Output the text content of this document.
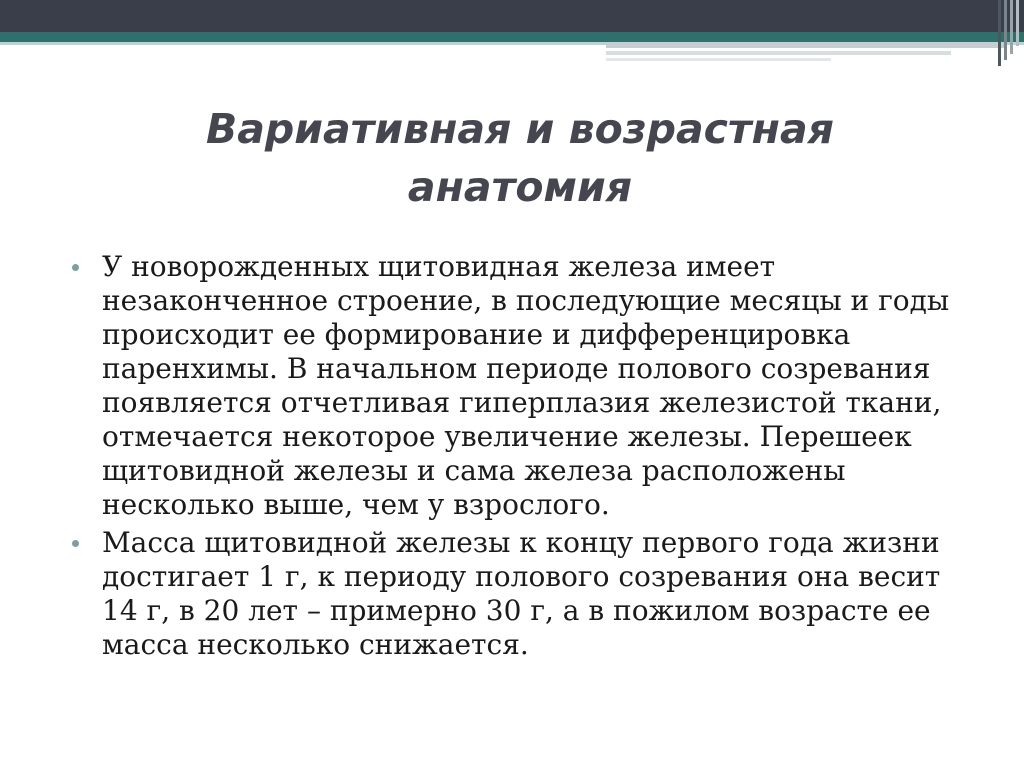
Вариативная и возрастная анатомия
У новорожденных щитовидная железа имеет незаконченное строение, в последующие месяцы и годы происходит ее формирование и дифференцировка паренхимы. В начальном периоде полового созревания появляется отчетливая гиперплазия железистой ткани, отмечается некоторое увеличение железы. Перешеек щитовидной железы и сама железа расположены несколько выше, чем у взрослого.
Масса щитовидной железы к концу первого года жизни достигает 1 г, к периоду полового созревания она весит 14 г, в 20 лет – примерно 30 г, а в пожилом возрасте ее масса несколько снижается.
